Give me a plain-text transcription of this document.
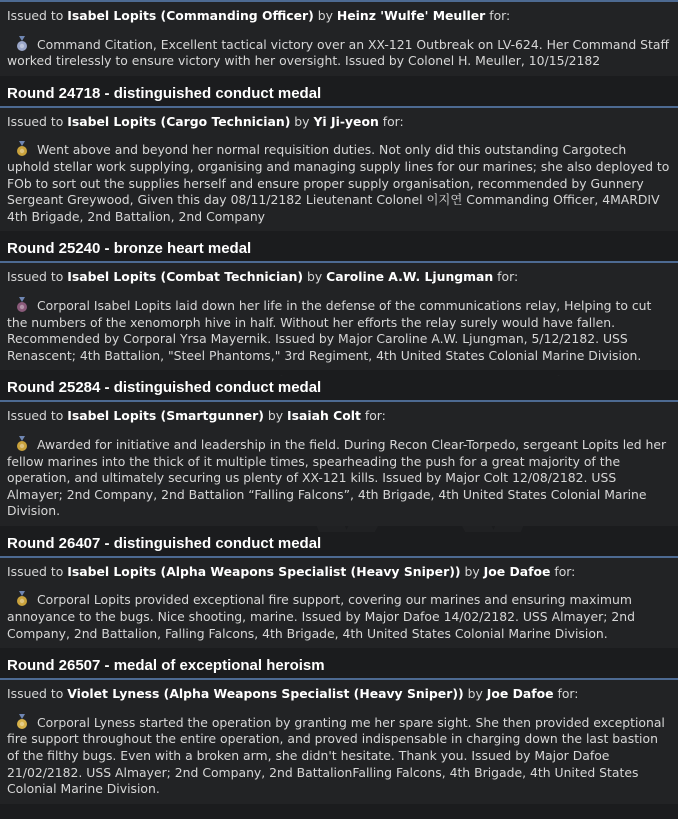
Issued to Isabel Lopits (Commanding Officer) by Heinz 'Wulfe' Meuller for:

Command Citation, Excellent tactical victory over an XX-121 Outbreak on LV-624. Her Command Staff worked tirelessly to ensure victory with her oversight. Issued by Colonel H. Meuller, 10/15/2182

Round 24718 - distinguished conduct medal

Issued to Isabel Lopits (Cargo Technician) by Yi Ji-yeon for:

Went above and beyond her normal requisition duties. Not only did this outstanding Cargotech uphold stellar work supplying, organising and managing supply lines for our marines; she also deployed to FOb to sort out the supplies herself and ensure proper supply organisation, recommended by Gunnery Sergeant Greywood, Given this day 08/11/2182 Lieutenant Colonel 이지연 Commanding Officer, 4MARDIV 4th Brigade, 2nd Battalion, 2nd Company

Round 25240 - bronze heart medal

Issued to Isabel Lopits (Combat Technician) by Caroline A.W. Ljungman for:

Corporal Isabel Lopits laid down her life in the defense of the communications relay, Helping to cut the numbers of the xenomorph hive in half. Without her efforts the relay surely would have fallen. Recommended by Corporal Yrsa Mayernik. Issued by Major Caroline A.W. Ljungman, 5/12/2182. USS Renascent; 4th Battalion, "Steel Phantoms," 3rd Regiment, 4th United States Colonial Marine Division.

Round 25284 - distinguished conduct medal

Issued to Isabel Lopits (Smartgunner) by Isaiah Colt for:

Awarded for initiative and leadership in the field. During Recon Clear-Torpedo, sergeant Lopits led her fellow marines into the thick of it multiple times, spearheading the push for a great majority of the operation, and ultimately securing us plenty of XX-121 kills. Issued by Major Colt 12/08/2182. USS Almayer; 2nd Company, 2nd Battalion “Falling Falcons”, 4th Brigade, 4th United States Colonial Marine Division.

Round 26407 - distinguished conduct medal

Issued to Isabel Lopits (Alpha Weapons Specialist (Heavy Sniper)) by Joe Dafoe for:

Corporal Lopits provided exceptional fire support, covering our marines and ensuring maximum annoyance to the bugs. Nice shooting, marine. Issued by Major Dafoe 14/02/2182. USS Almayer; 2nd Company, 2nd Battalion, Falling Falcons, 4th Brigade, 4th United States Colonial Marine Division.

Round 26507 - medal of exceptional heroism

Issued to Violet Lyness (Alpha Weapons Specialist (Heavy Sniper)) by Joe Dafoe for:

Corporal Lyness started the operation by granting me her spare sight. She then provided exceptional fire support throughout the entire operation, and proved indispensable in charging down the last bastion of the filthy bugs. Even with a broken arm, she didn't hesitate. Thank you. Issued by Major Dafoe 21/02/2182. USS Almayer; 2nd Company, 2nd BattalionFalling Falcons, 4th Brigade, 4th United States Colonial Marine Division.
